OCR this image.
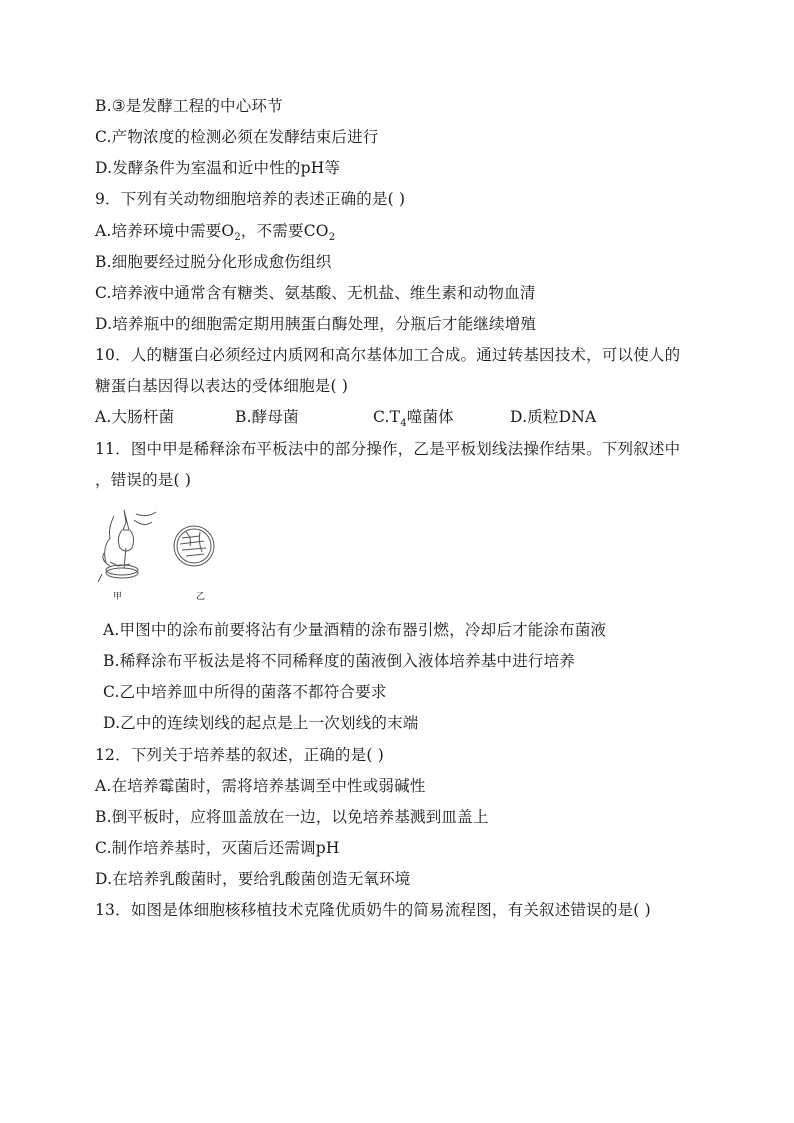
B.③是发酵工程的中心环节
C.产物浓度的检测必须在发酵结束后进行
D.发酵条件为室温和近中性的pH等
9．下列有关动物细胞培养的表述正确的是( )
A.培养环境中需要$O_2$，不需要$CO_2$
B.细胞要经过脱分化形成愈伤组织
C.培养液中通常含有糖类、氨基酸、无机盐、维生素和动物血清
D.培养瓶中的细胞需定期用胰蛋白酶处理，分瓶后才能继续增殖
10．人的糖蛋白必须经过内质网和高尔基体加工合成。通过转基因技术，可以使人的
糖蛋白基因得以表达的受体细胞是( )
A.大肠杆菌	B.酵母菌	$C.T_4$噬菌体	D.质粒DNA
11．图中甲是稀释涂布平板法中的部分操作，乙是平板划线法操作结果。下列叙述中
，错误的是( )
甲	乙
A.甲图中的涂布前要将沾有少量酒精的涂布器引燃，冷却后才能涂布菌液
B.稀释涂布平板法是将不同稀释度的菌液倒入液体培养基中进行培养
C.乙中培养皿中所得的菌落不都符合要求
D.乙中的连续划线的起点是上一次划线的末端
12．下列关于培养基的叙述，正确的是( )
A.在培养霉菌时，需将培养基调至中性或弱碱性
B.倒平板时，应将皿盖放在一边，以免培养基溅到皿盖上
C.制作培养基时，灭菌后还需调pH
D.在培养乳酸菌时，要给乳酸菌创造无氧环境
13．如图是体细胞核移植技术克隆优质奶牛的简易流程图，有关叙述错误的是( )
